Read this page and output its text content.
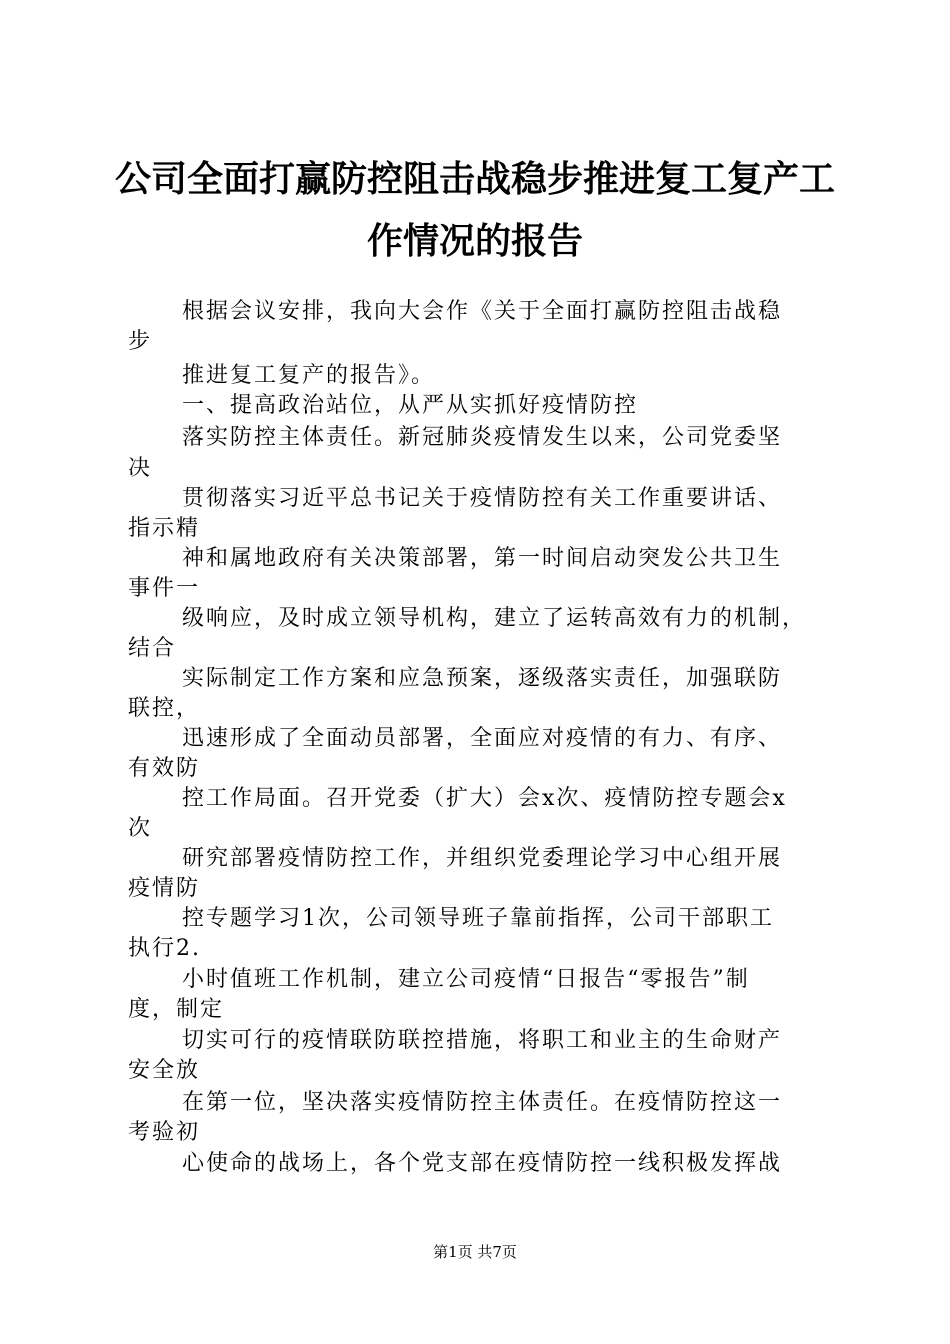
公司全面打赢防控阻击战稳步推进复工复产工
作情况的报告
根据会议安排，我向大会作《关于全面打赢防控阻击战稳
步
推进复工复产的报告》。
一、提高政治站位，从严从实抓好疫情防控
落实防控主体责任。新冠肺炎疫情发生以来，公司党委坚
决
贯彻落实习近平总书记关于疫情防控有关工作重要讲话、
指示精
神和属地政府有关决策部署，第一时间启动突发公共卫生
事件一
级响应，及时成立领导机构，建立了运转高效有力的机制，
结合
实际制定工作方案和应急预案，逐级落实责任，加强联防
联控，
迅速形成了全面动员部署，全面应对疫情的有力、有序、
有效防
控工作局面。召开党委（扩大）会x次、疫情防控专题会x
次
研究部署疫情防控工作，并组织党委理论学习中心组开展
疫情防
控专题学习1次，公司领导班子靠前指挥，公司干部职工
执行2.
小时值班工作机制，建立公司疫情“日报告“零报告”制
度，制定
切实可行的疫情联防联控措施，将职工和业主的生命财产
安全放
在第一位，坚决落实疫情防控主体责任。在疫情防控这一
考验初
心使命的战场上，各个党支部在疫情防控一线积极发挥战
第1页 共7页
